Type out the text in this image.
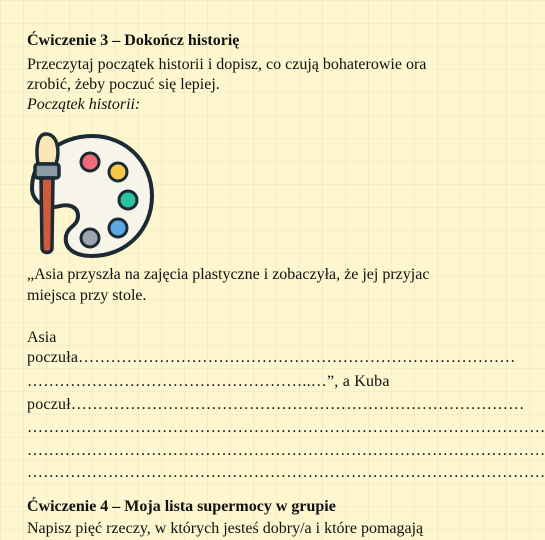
Ćwiczenie 3 – Dokończ historię
Przeczytaj początek historii i dopisz, co czują bohaterowie ora
zrobić, żeby poczuć się lepiej.
Początek historii:
„Asia przyszła na zajęcia plastyczne i zobaczyła, że jej przyjac
miejsca przy stole.
Asia
poczuła………………………………………………………………………
……………………………………………..…”, a Kuba
poczuł…………………………………………………………………………
……………………………………………………………………………………
……………………………………………………………………………………
……………………………………………………………………………………
Ćwiczenie 4 – Moja lista supermocy w grupie
Napisz pięć rzeczy, w których jesteś dobry/a i które pomagają
